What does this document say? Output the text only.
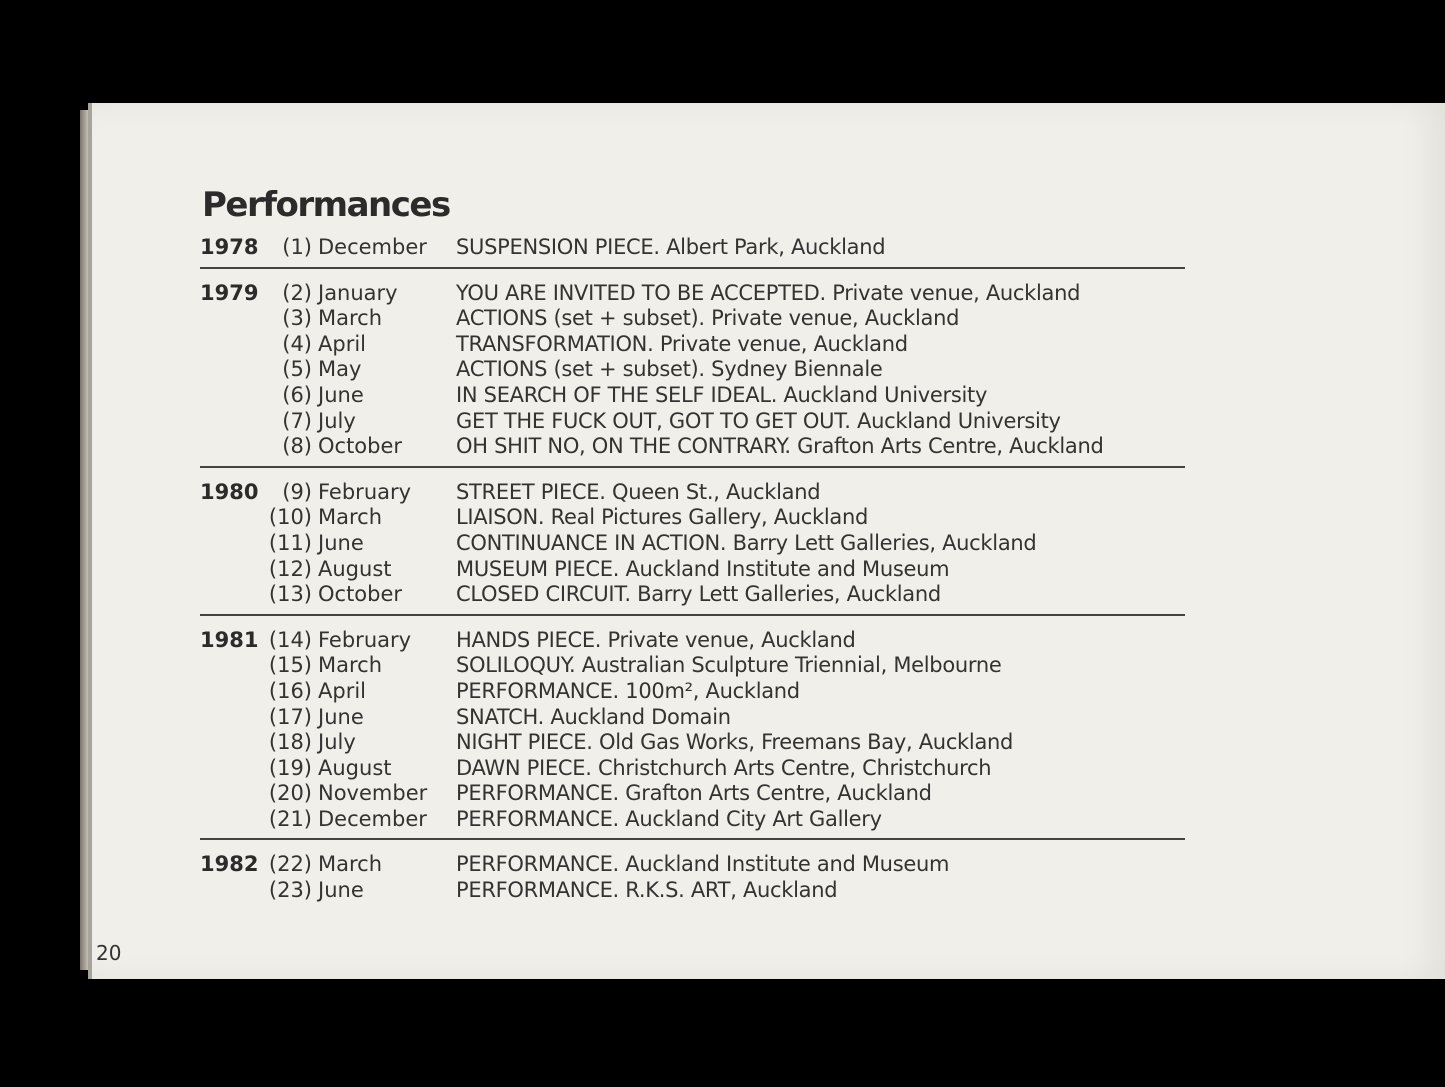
Performances
1978	(1) December	SUSPENSION PIECE. Albert Park, Auckland
1979	(2) January	YOU ARE INVITED TO BE ACCEPTED. Private venue, Auckland
(3) March	ACTIONS (set + subset). Private venue, Auckland
(4) April	TRANSFORMATION. Private venue, Auckland
(5) May	ACTIONS (set + subset). Sydney Biennale
(6) June	IN SEARCH OF THE SELF IDEAL. Auckland University
(7) July	GET THE FUCK OUT, GOT TO GET OUT. Auckland University
(8) October	OH SHIT NO, ON THE CONTRARY. Grafton Arts Centre, Auckland
1980	(9) February	STREET PIECE. Queen St., Auckland
(10) March	LIAISON. Real Pictures Gallery, Auckland
(11) June	CONTINUANCE IN ACTION. Barry Lett Galleries, Auckland
(12) August	MUSEUM PIECE. Auckland Institute and Museum
(13) October	CLOSED CIRCUIT. Barry Lett Galleries, Auckland
1981 (14) February	HANDS PIECE. Private venue, Auckland
(15) March	SOLILOQUY. Australian Sculpture Triennial, Melbourne
(16) April	PERFORMANCE. 100m², Auckland
(17) June	SNATCH. Auckland Domain
(18) July	NIGHT PIECE. Old Gas Works, Freemans Bay, Auckland
(19) August	DAWN PIECE. Christchurch Arts Centre, Christchurch
(20) November	PERFORMANCE. Grafton Arts Centre, Auckland
(21) December	PERFORMANCE. Auckland City Art Gallery
1982 (22) March	PERFORMANCE. Auckland Institute and Museum
(23) June	PERFORMANCE. R.K.S. ART, Auckland
20
